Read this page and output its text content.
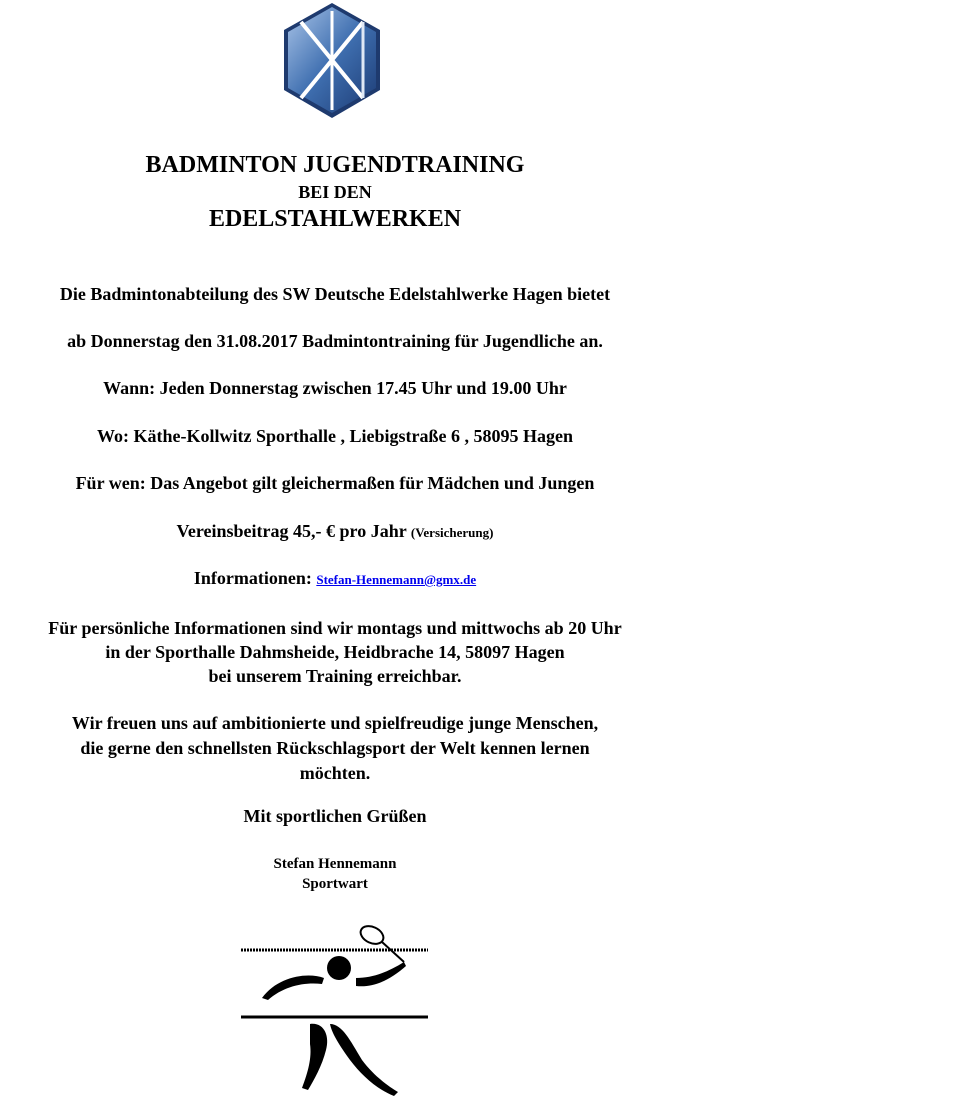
BADMINTON JUGENDTRAINING
BEI DEN
EDELSTAHLWERKEN
Die Badmintonabteilung des SW Deutsche Edelstahlwerke Hagen bietet
ab Donnerstag den 31.08.2017 Badmintontraining für Jugendliche an.
Wann: Jeden Donnerstag zwischen 17.45 Uhr und 19.00 Uhr
Wo: Käthe-Kollwitz Sporthalle , Liebigstraße 6 , 58095 Hagen
Für wen: Das Angebot gilt gleichermaßen für Mädchen und Jungen
Vereinsbeitrag 45,- € pro Jahr (Versicherung)
Informationen: Stefan-Hennemann@gmx.de
Für persönliche Informationen sind wir montags und mittwochs ab 20 Uhr
in der Sporthalle Dahmsheide, Heidbrache 14, 58097 Hagen
bei unserem Training erreichbar.
Wir freuen uns auf ambitionierte und spielfreudige junge Menschen,
die gerne den schnellsten Rückschlagsport der Welt kennen lernen
möchten.
Mit sportlichen Grüßen
Stefan Hennemann
Sportwart
